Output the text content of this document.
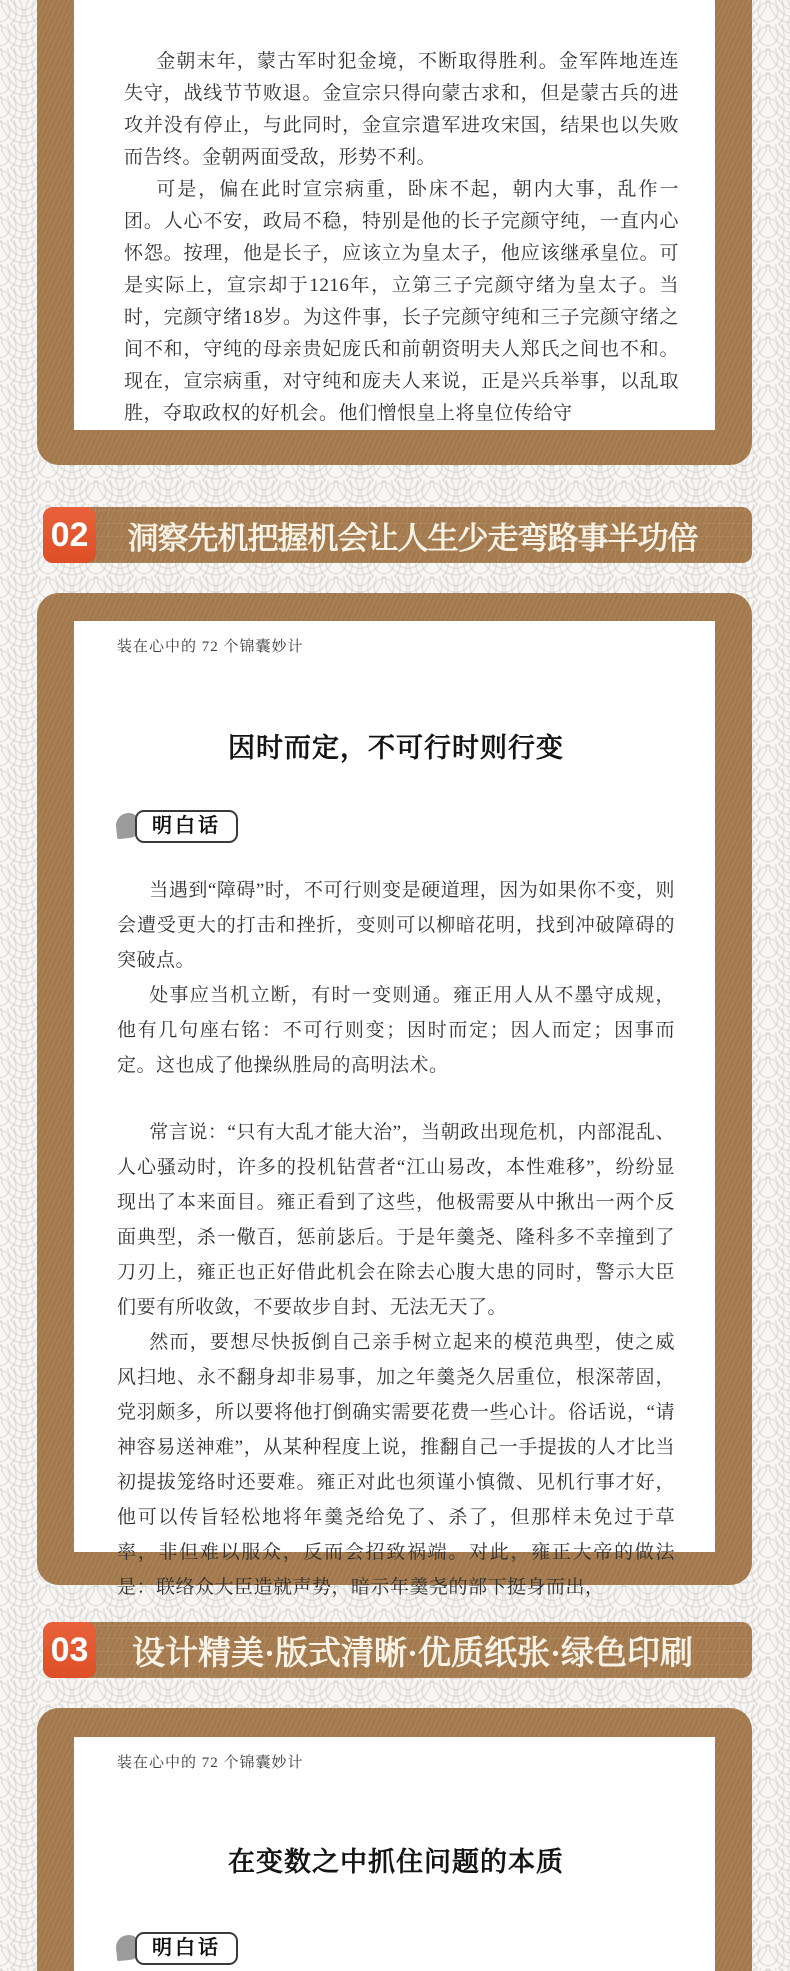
金朝末年，蒙古军时犯金境，不断取得胜利。金军阵地连连失守，战线节节败退。金宣宗只得向蒙古求和，但是蒙古兵的进攻并没有停止，与此同时，金宣宗遣军进攻宋国，结果也以失败而告终。金朝两面受敌，形势不利。

可是，偏在此时宣宗病重，卧床不起，朝内大事，乱作一团。人心不安，政局不稳，特别是他的长子完颜守纯，一直内心怀怨。按理，他是长子，应该立为皇太子，他应该继承皇位。可是实际上，宣宗却于1216年，立第三子完颜守绪为皇太子。当时，完颜守绪18岁。为这件事，长子完颜守纯和三子完颜守绪之间不和，守纯的母亲贵妃庞氏和前朝资明夫人郑氏之间也不和。现在，宣宗病重，对守纯和庞夫人来说，正是兴兵举事，以乱取胜，夺取政权的好机会。他们憎恨皇上将皇位传给守

02	洞察先机把握机会让人生少走弯路事半功倍
装在心中的 72 个锦囊妙计
因时而定，不可行时则行变
明白话

当遇到“障碍”时，不可行则变是硬道理，因为如果你不变，则会遭受更大的打击和挫折，变则可以柳暗花明，找到冲破障碍的突破点。

处事应当机立断，有时一变则通。雍正用人从不墨守成规，他有几句座右铭：不可行则变；因时而定；因人而定；因事而定。这也成了他操纵胜局的高明法术。

常言说：“只有大乱才能大治”，当朝政出现危机，内部混乱、人心骚动时，许多的投机钻营者“江山易改，本性难移”，纷纷显现出了本来面目。雍正看到了这些，他极需要从中揪出一两个反面典型，杀一儆百，惩前毖后。于是年羹尧、隆科多不幸撞到了刀刃上，雍正也正好借此机会在除去心腹大患的同时，警示大臣们要有所收敛，不要故步自封、无法无天了。

然而，要想尽快扳倒自己亲手树立起来的模范典型，使之威风扫地、永不翻身却非易事，加之年羹尧久居重位，根深蒂固，党羽颇多，所以要将他打倒确实需要花费一些心计。俗话说，“请神容易送神难”，从某种程度上说，推翻自己一手提拔的人才比当初提拔笼络时还要难。雍正对此也须谨小慎微、见机行事才好，他可以传旨轻松地将年羹尧给免了、杀了，但那样未免过于草率，非但难以服众，反而会招致祸端。对此，雍正大帝的做法是：联络众大臣造就声势，暗示年羹尧的部下挺身而出，

03	设计精美·版式清晰·优质纸张·绿色印刷
装在心中的 72 个锦囊妙计
在变数之中抓住问题的本质
明白话
